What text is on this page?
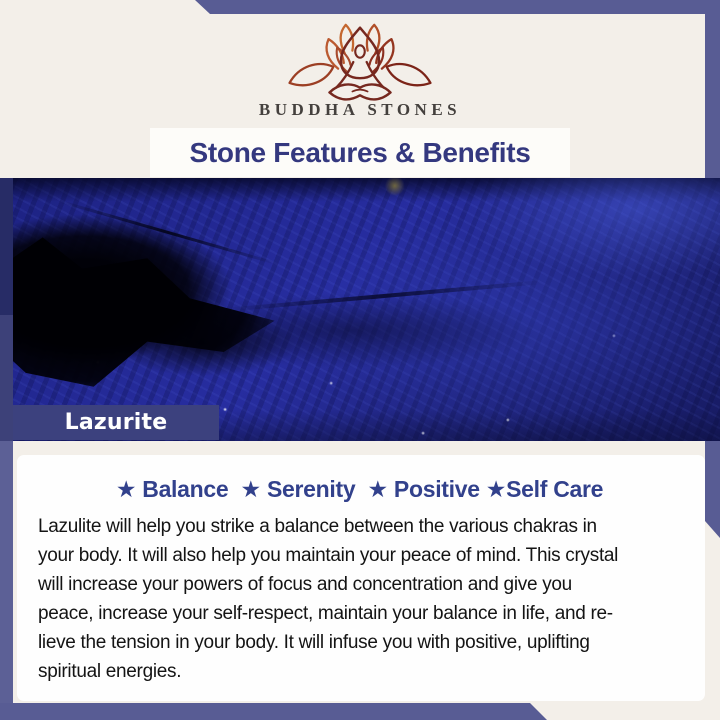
BUDDHA STONES
Stone Features & Benefits
Lazurite
★ Balance  ★ Serenity  ★ Positive ★Self Care

Lazulite will help you strike a balance between the various chakras in
your body. It will also help you maintain your peace of mind. This crystal
will increase your powers of focus and concentration and give you
peace, increase your self-respect, maintain your balance in life, and re-
lieve the tension in your body. It will infuse you with positive, uplifting
spiritual energies.
